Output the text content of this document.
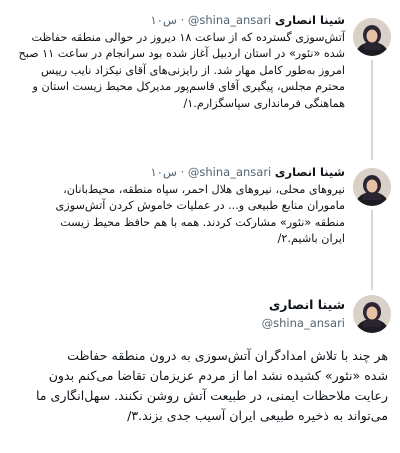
۱۰س · @shina_ansari شینا انصاری
آتش‌سوزی گسترده که از ساعت ۱۸ دیروز در حوالی منطقه حفاظت
شده «نئور» در استان اردبیل آغاز شده بود سرانجام در ساعت ۱۱ صبح
امروز به‌طور کامل مهار شد. از رایزنی‌های آقای نیکزاد نایب رییس
محترم مجلس، پیگیری آقای قاسم‌پور مدیرکل محیط زیست استان و
هماهنگی فرمانداری سپاسگزارم.۱/
۱۰س · @shina_ansari شینا انصاری
نیروهای محلی، نیروهای هلال احمر، سپاه منطقه، محیط‌بانان،
ماموران منابع طبیعی و... در عملیات خاموش کردن آتش‌سوزی
منطقه «نئور» مشارکت کردند. همه با هم حافظ محیط زیست
ایران باشیم.۲/
شینا انصاری
@shina_ansari
هر چند با تلاش امدادگران آتش‌سوزی به درون منطقه حفاظت
شده «نئور» کشیده نشد اما از مردم عزیزمان تقاضا می‌کنم بدون
رعایت ملاحظات ایمنی، در طبیعت آتش روشن نکنند. سهل‌انگاری ما
می‌تواند به ذخیره طبیعی ایران آسیب جدی بزند.۳/
